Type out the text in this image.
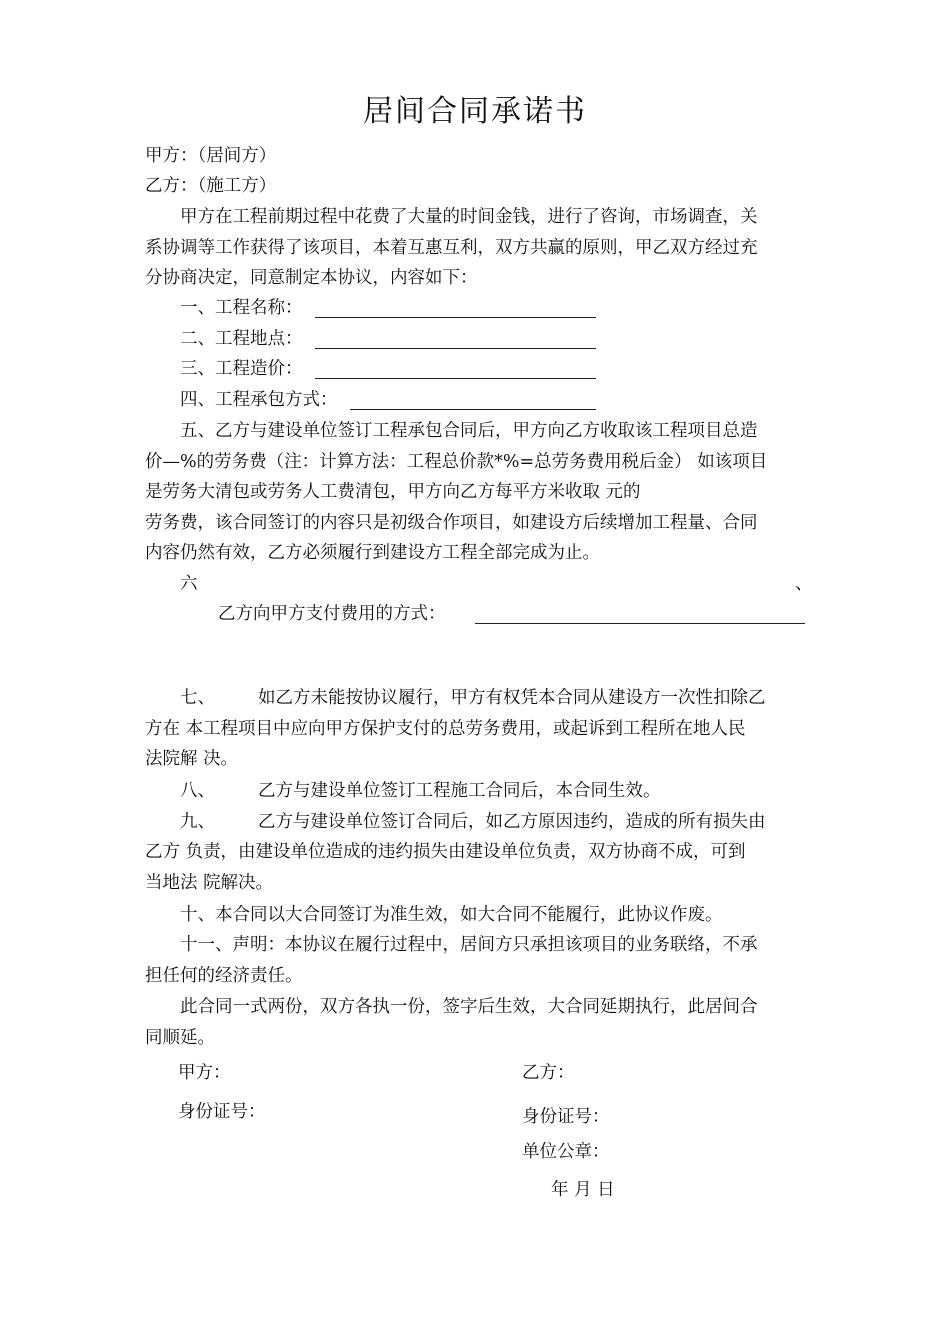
居间合同承诺书
甲方：（居间方）
乙方：（施工方）
甲方在工程前期过程中花费了大量的时间金钱，进行了咨询，市场调查，关
系协调等工作获得了该项目，本着互惠互利，双方共赢的原则，甲乙双方经过充
分协商决定，同意制定本协议，内容如下：
一、工程名称：
二、工程地点：
三、工程造价：
四、工程承包方式：
五、乙方与建设单位签订工程承包合同后，甲方向乙方收取该工程项目总造
价—%的劳务费（注：计算方法：工程总价款*%=总劳务费用税后金） 如该项目
是劳务大清包或劳务人工费清包，甲方向乙方每平方米收取 元的
劳务费，该合同签订的内容只是初级合作项目，如建设方后续增加工程量、合同
内容仍然有效，乙方必须履行到建设方工程全部完成为止。
六	、
乙方向甲方支付费用的方式：
七、 如乙方未能按协议履行，甲方有权凭本合同从建设方一次性扣除乙
方在 本工程项目中应向甲方保护支付的总劳务费用，或起诉到工程所在地人民
法院解 决。
八、 乙方与建设单位签订工程施工合同后，本合同生效。
九、 乙方与建设单位签订合同后，如乙方原因违约，造成的所有损失由
乙方 负责，由建设单位造成的违约损失由建设单位负责，双方协商不成，可到
当地法 院解决。
十、本合同以大合同签订为准生效，如大合同不能履行，此协议作废。
十一、声明：本协议在履行过程中，居间方只承担该项目的业务联络，不承
担任何的经济责任。
此合同一式两份，双方各执一份，签字后生效，大合同延期执行，此居间合
同顺延。
甲方：	乙方：
身份证号：	身份证号：
单位公章：
年 月 日
